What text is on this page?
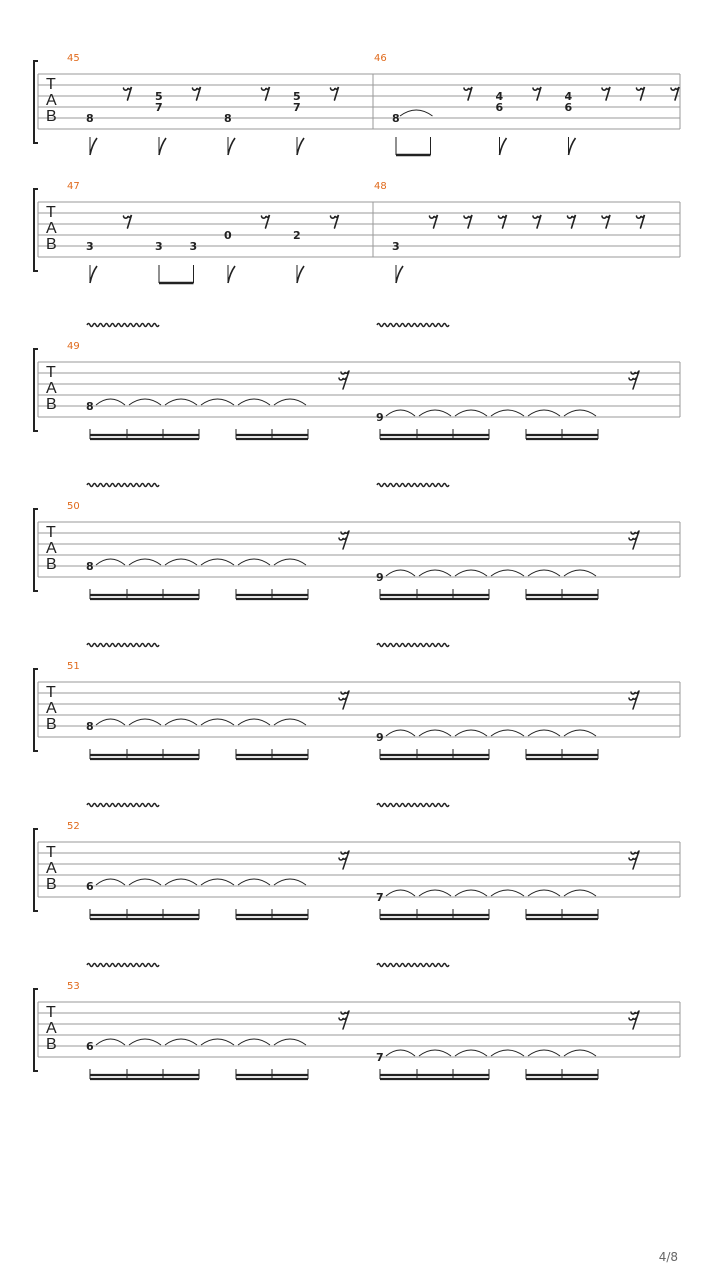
T
A
B
45	46
8
5
7
8
5
7
8
4
6
4
6
T
A
B
47	48
3	3 3
0	2
3
T
A
B
49
8
9
T
A
B
50
8
9
T
A
B
51
8
9
T
A
B
52
6
7
T
A
B
53
6
7
4/8
